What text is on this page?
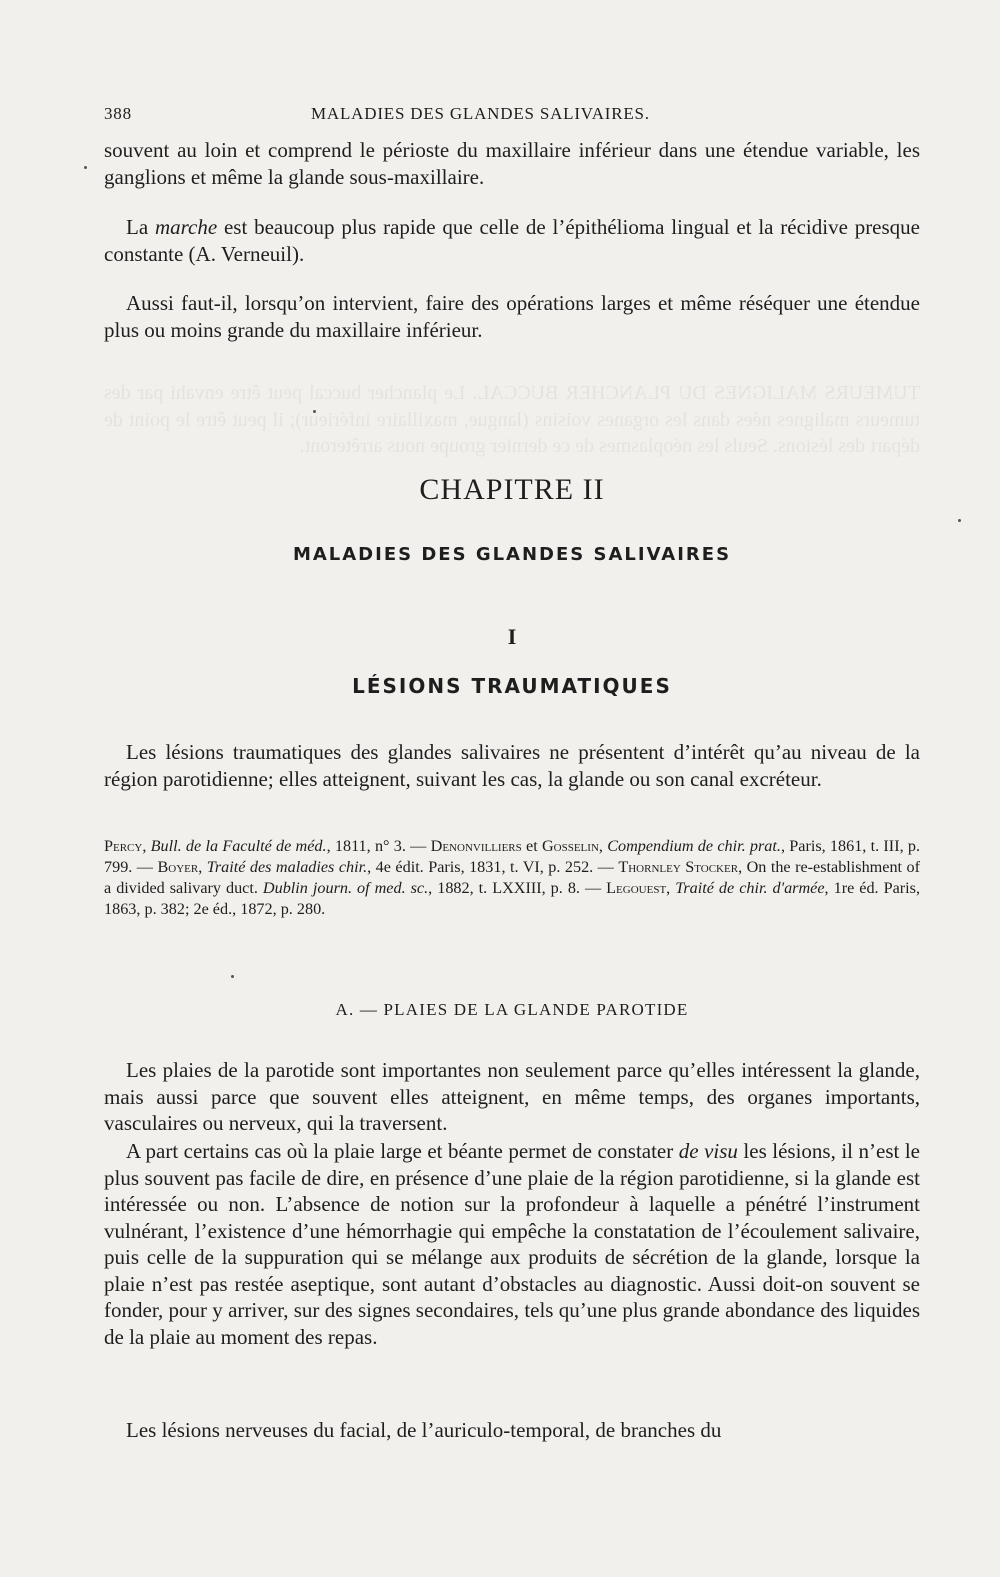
TUMEURS MALIGNES DU PLANCHER BUCCAL. Le plancher buccal peut être envahi par des tumeurs malignes nées dans les organes voisins (langue, maxillaire inférieur); il peut être le point de départ des lésions. Seuls les néoplasmes de ce dernier groupe nous arrêteront.
388	MALADIES DES GLANDES SALIVAIRES.

souvent au loin et comprend le périoste du maxillaire inférieur dans une étendue variable, les ganglions et même la glande sous-maxillaire.

La marche est beaucoup plus rapide que celle de l’épithélioma lingual et la récidive presque constante (A. Verneuil).

Aussi faut-il, lorsqu’on intervient, faire des opérations larges et même réséquer une étendue plus ou moins grande du maxillaire inférieur.

CHAPITRE II
MALADIES DES GLANDES SALIVAIRES
I
LÉSIONS TRAUMATIQUES

Les lésions traumatiques des glandes salivaires ne présentent d’intérêt qu’au niveau de la région parotidienne; elles atteignent, suivant les cas, la glande ou son canal excréteur.

Percy, Bull. de la Faculté de méd., 1811, n° 3. — Denonvilliers et Gosselin, Compendium de chir. prat., Paris, 1861, t. III, p. 799. — Boyer, Traité des maladies chir., 4e édit. Paris, 1831, t. VI, p. 252. — Thornley Stocker, On the re-establishment of a divided salivary duct. Dublin journ. of med. sc., 1882, t. LXXIII, p. 8. — Legouest, Traité de chir. d'armée, 1re éd. Paris, 1863, p. 382; 2e éd., 1872, p. 280.

A. — PLAIES DE LA GLANDE PAROTIDE

Les plaies de la parotide sont importantes non seulement parce qu’elles intéressent la glande, mais aussi parce que souvent elles atteignent, en même temps, des organes importants, vasculaires ou nerveux, qui la traversent.

A part certains cas où la plaie large et béante permet de constater de visu les lésions, il n’est le plus souvent pas facile de dire, en présence d’une plaie de la région parotidienne, si la glande est intéressée ou non. L’absence de notion sur la profondeur à laquelle a pénétré l’instrument vulnérant, l’existence d’une hémorrhagie qui empêche la constatation de l’écoulement salivaire, puis celle de la suppuration qui se mélange aux produits de sécrétion de la glande, lorsque la plaie n’est pas restée aseptique, sont autant d’obstacles au diagnostic. Aussi doit-on souvent se fonder, pour y arriver, sur des signes secondaires, tels qu’une plus grande abondance des liquides de la plaie au moment des repas.

Les lésions nerveuses du facial, de l’auriculo-temporal, de branches du
